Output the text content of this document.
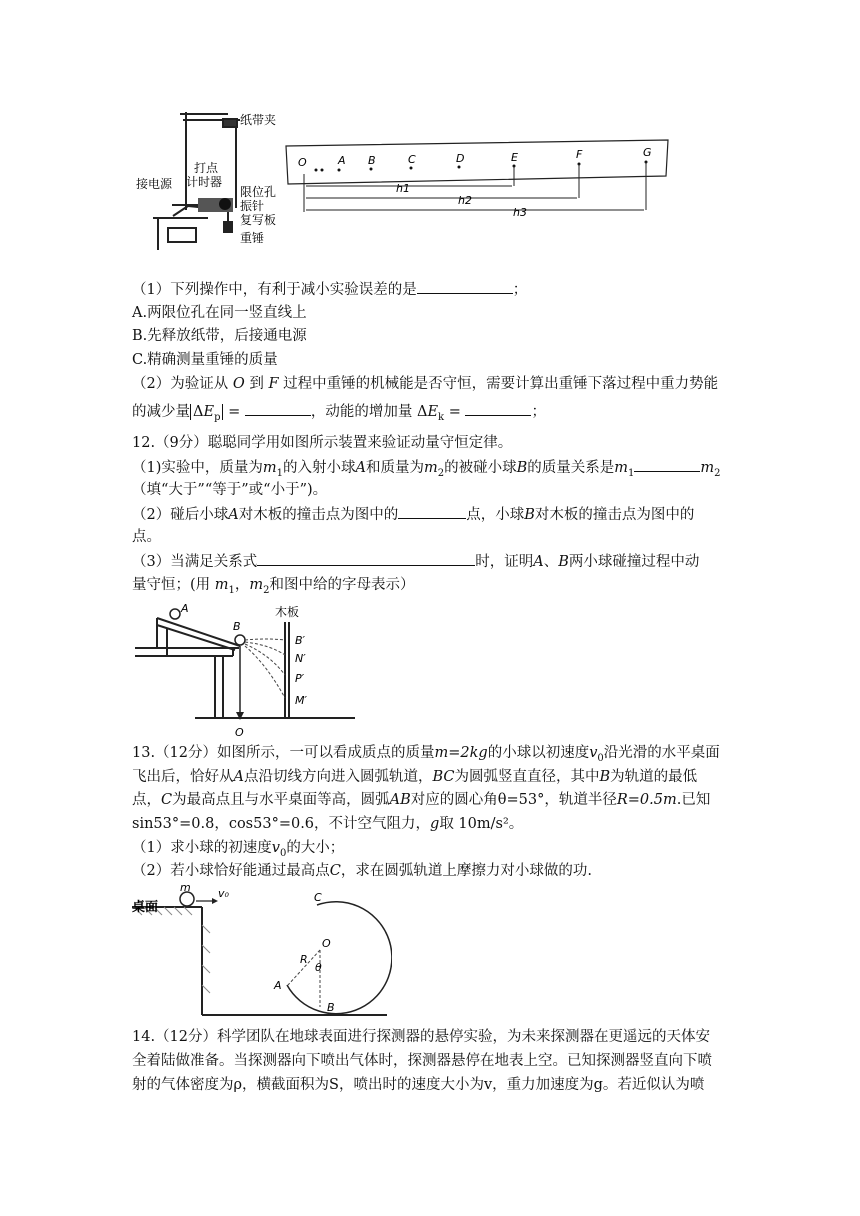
纸带夹
打点
计时器
接电源
限位孔
振针
复写板
重锤
O	A B	C	D	E	F	G
h1
h2
h3
（1）下列操作中，有利于减小实验误差的是	；
A.两限位孔在同一竖直线上
B.先释放纸带，后接通电源
C.精确测量重锤的质量
（2）为验证从 O 到 F 过程中重锤的机械能是否守恒，需要计算出重锤下落过程中重力势能
的减少量 $\Delta E_p$ =	，动能的增加量 $\Delta E_k$ =	；
12.（9分）聪聪同学用如图所示装置来验证动量守恒定律。
（1)实验中，质量为$m_1$的入射小球A和质量为$m_2$的被碰小球B的质量关系是$m_1$	$m_2$
（填“大于”“等于”或“小于”)。
（2）碰后小球A对木板的撞击点为图中的	点，小球B对木板的撞击点为图中的
点。
（3）当满足关系式	时，证明A、B两小球碰撞过程中动
量守恒；(用 $m_1$，$m_2$和图中给的字母表示）
木板
A
B
B′
N′
P′
M′
O
13.（12分）如图所示，一可以看成质点的质量m=2kg的小球以初速度$v_0$沿光滑的水平桌面
飞出后，恰好从A点沿切线方向进入圆弧轨道，BC为圆弧竖直直径，其中B为轨道的最低
点，C为最高点且与水平桌面等高，圆弧AB对应的圆心角θ=53°，轨道半径R=0.5m.已知
sin53°=0.8，cos53°=0.6，不计空气阻力，g取 10m/s²。
（1）求小球的初速度$v_0$的大小；
（2）若小球恰好能通过最高点C，求在圆弧轨道上摩擦力对小球做的功.
桌面
m v₀	C
O
R
θ
A
B
14.（12分）科学团队在地球表面进行探测器的悬停实验，为未来探测器在更遥远的天体安
全着陆做准备。当探测器向下喷出气体时，探测器悬停在地表上空。已知探测器竖直向下喷
射的气体密度为ρ，横截面积为S，喷出时的速度大小为v，重力加速度为g。若近似认为喷
